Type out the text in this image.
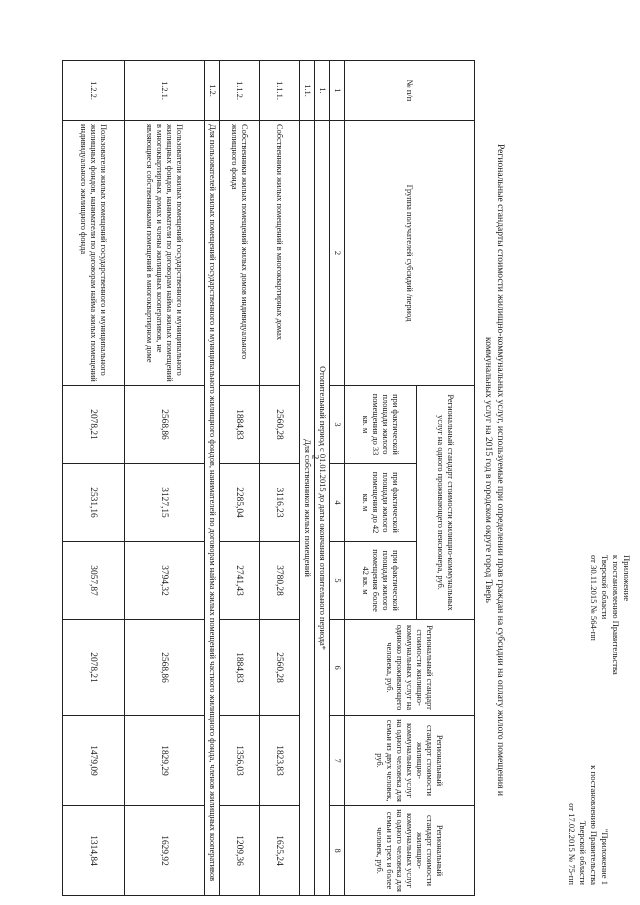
2
Приложение
к постановлению Правительства
Тверской области
от 30.11.2015 № 564-пп
"Приложение 1
к постановлению Правительства
Тверской области
от 17.02.2015 № 75-пп
Региональные стандарты стоимости жилищно-коммунальных услуг, используемые при определении прав граждан на субсидии на оплату жилого помещения и
коммунальных услуг на 2015 год в городском округе город Тверь
№ п/п	Группа получателей субсидий /период	Региональный стандарт стоимости жилищно-коммунальных услуг на одного проживающего пенсионера, руб.			Региональный стандарт стоимости жилищно-коммунальных услуг на одиноко проживающего человека, руб.	Региональный стандарт стоимости жилищно-коммунальных услуг на одного человека для семьи из двух человек, руб.	Региональный стандарт стоимости жилищно-коммунальных услуг на одного человека для семьи из трех и более человек, руб.
		при фактической площади жилого помещения до 33 кв. м	при фактической площади жилого помещения до 42 кв. м	при фактической площади жилого помещения более 42 кв. м			
1	2	3	4	5	6	7	8
1.	Отопительный период с 01.01.2015 до даты окончания отопительного периода*						
1.1.	Для собственников жилых помещений						
1.1.1.	Собственники жилых помещений в многоквартирных домах	2560,28	3116,23	3780,28	2560,28	1823,83	1625,24
1.1.2.	Собственники жилых помещений жилых домов индивидуального жилищного фонда	1884,83	2285,04	2741,43	1884,83	1356,03	1209,36
1.2.	Для пользователей жилых помещений государственного и муниципального жилищного фондов, нанимателей по договорам найма жилых помещений частного жилищного фонда, членов жилищных кооперативов						
1.2.1.	Пользователи жилых помещений государственного и муниципального жилищных фондов, наниматели по договорам найма жилых помещений в многоквартирных домах и члены жилищных кооперативов, не являющиеся собственниками помещений в многоквартирном доме	2568,86	3127,15	3794,32	2568,86	1829,29	1629,92
1.2.2.	Пользователи жилых помещений государственного и муниципального жилищных фондов, наниматели по договорам найма жилых помещений индивидуального жилищного фонда	2078,21	2531,16	3057,87	2078,21	1479,09	1314,84
